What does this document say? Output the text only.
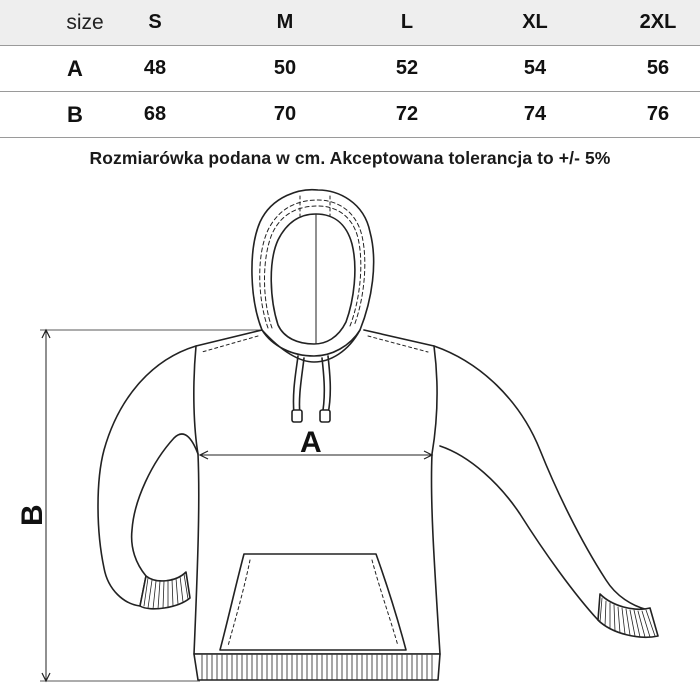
size	S	M	L	XL	2XL
A	48	50	52	54	56
B	68	70	72	74	76
Rozmiarówka podana w cm. Akceptowana tolerancja to +/- 5%
A
B
